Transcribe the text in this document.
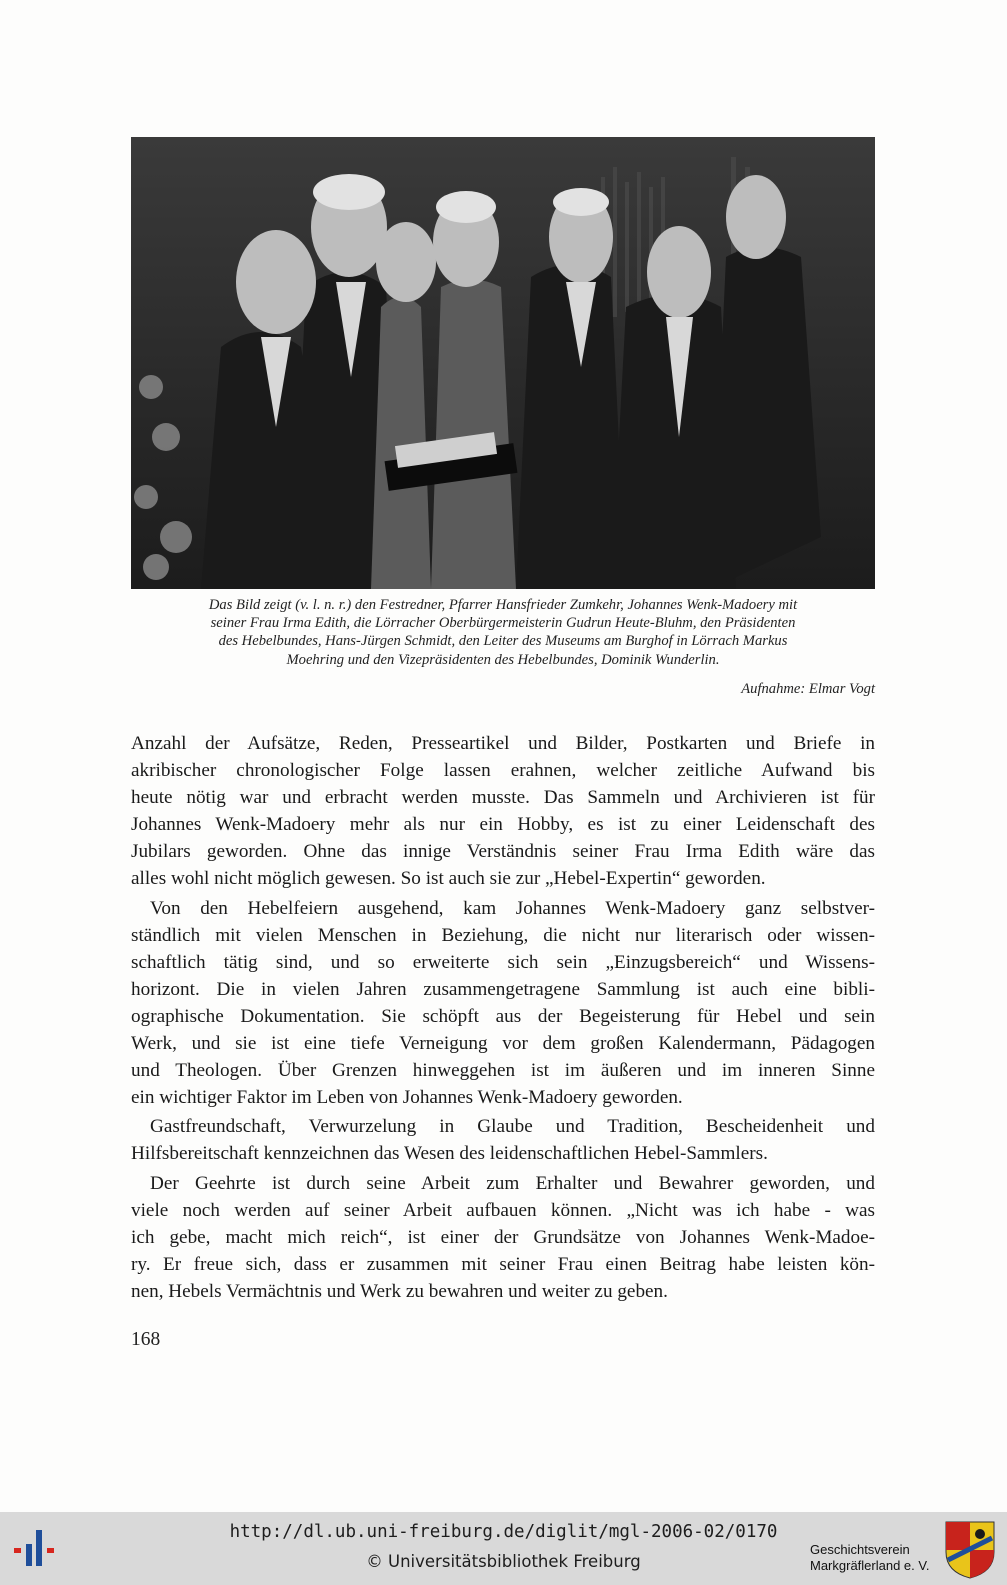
Das Bild zeigt (v. l. n. r.) den Festredner, Pfarrer Hansfrieder Zumkehr, Johannes Wenk-Madoery mit
seiner Frau Irma Edith, die Lörracher Oberbürgermeisterin Gudrun Heute-Bluhm, den Präsidenten
des Hebelbundes, Hans-Jürgen Schmidt, den Leiter des Museums am Burghof in Lörrach Markus
Moehring und den Vizepräsidenten des Hebelbundes, Dominik Wunderlin.
Aufnahme: Elmar Vogt

Anzahl der Aufsätze, Reden, Presseartikel und Bilder, Postkarten und Briefe in
akribischer chronologischer Folge lassen erahnen, welcher zeitliche Aufwand bis
heute nötig war und erbracht werden musste. Das Sammeln und Archivieren ist für
Johannes Wenk-Madoery mehr als nur ein Hobby, es ist zu einer Leidenschaft des
Jubilars geworden. Ohne das innige Verständnis seiner Frau Irma Edith wäre das
alles wohl nicht möglich gewesen. So ist auch sie zur „Hebel-Expertin“ geworden.

Von den Hebelfeiern ausgehend, kam Johannes Wenk-Madoery ganz selbstver-
ständlich mit vielen Menschen in Beziehung, die nicht nur literarisch oder wissen-
schaftlich tätig sind, und so erweiterte sich sein „Einzugsbereich“ und Wissens-
horizont. Die in vielen Jahren zusammengetragene Sammlung ist auch eine bibli-
ographische Dokumentation. Sie schöpft aus der Begeisterung für Hebel und sein
Werk, und sie ist eine tiefe Verneigung vor dem großen Kalendermann, Pädagogen
und Theologen. Über Grenzen hinweggehen ist im äußeren und im inneren Sinne
ein wichtiger Faktor im Leben von Johannes Wenk-Madoery geworden.

Gastfreundschaft, Verwurzelung in Glaube und Tradition, Bescheidenheit und
Hilfsbereitschaft kennzeichnen das Wesen des leidenschaftlichen Hebel-Sammlers.

Der Geehrte ist durch seine Arbeit zum Erhalter und Bewahrer geworden, und
viele noch werden auf seiner Arbeit aufbauen können. „Nicht was ich habe - was
ich gebe, macht mich reich“, ist einer der Grundsätze von Johannes Wenk-Madoe-
ry. Er freue sich, dass er zusammen mit seiner Frau einen Beitrag habe leisten kön-
nen, Hebels Vermächtnis und Werk zu bewahren und weiter zu geben.

168
http://dl.ub.uni-freiburg.de/diglit/mgl-2006-02/0170
© Universitätsbibliothek Freiburg
Geschichtsverein
Markgräflerland e. V.
